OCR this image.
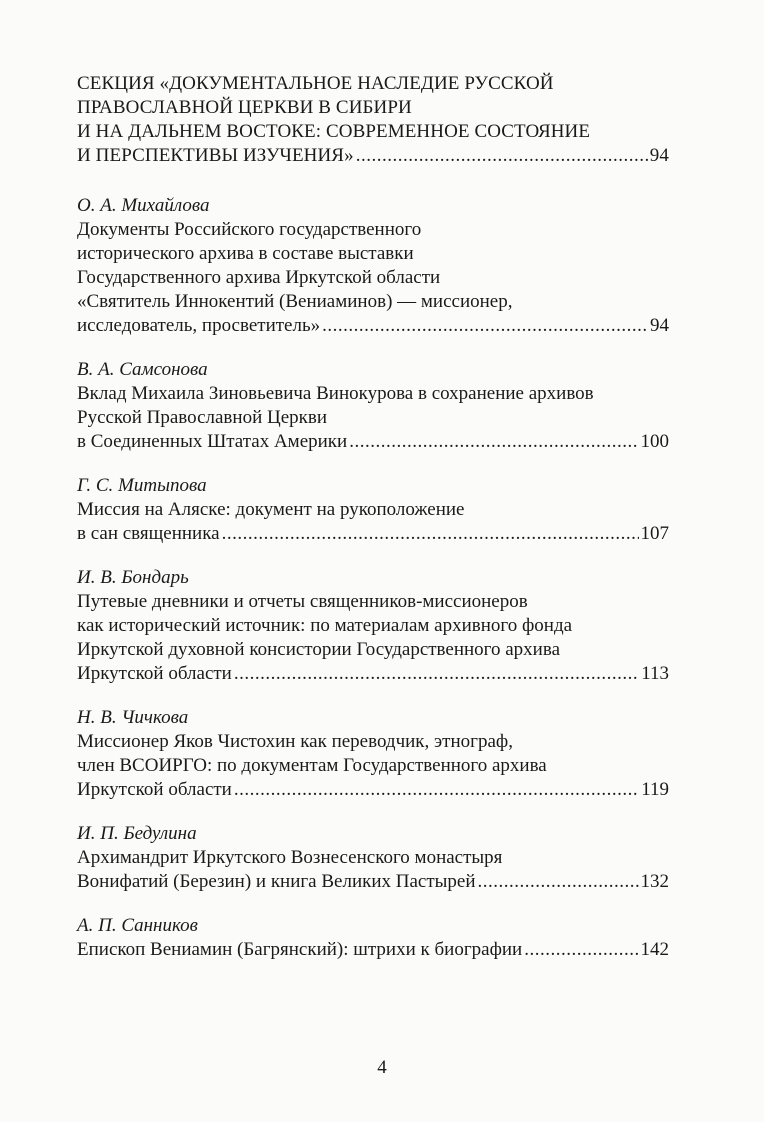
СЕКЦИЯ «ДОКУМЕНТАЛЬНОЕ НАСЛЕДИЕ РУССКОЙ
ПРАВОСЛАВНОЙ ЦЕРКВИ В СИБИРИ
И НА ДАЛЬНЕМ ВОСТОКЕ: СОВРЕМЕННОЕ СОСТОЯНИЕ
И ПЕРСПЕКТИВЫ ИЗУЧЕНИЯ» .....	94
О. А. Михайлова
Документы Российского государственного
исторического архива в составе выставки
Государственного архива Иркутской области
«Святитель Иннокентий (Вениаминов) — миссионер,
исследователь, просветитель» .....	94
В. А. Самсонова
Вклад Михаила Зиновьевича Винокурова в сохранение архивов
Русской Православной Церкви
в Соединенных Штатах Америки .....	100
Г. С. Митыпова
Миссия на Аляске: документ на рукоположение
в сан священника .....	107
И. В. Бондарь
Путевые дневники и отчеты священников-миссионеров
как исторический источник: по материалам архивного фонда
Иркутской духовной консистории Государственного архива
Иркутской области .....	113
Н. В. Чичкова
Миссионер Яков Чистохин как переводчик, этнограф,
член ВСОИРГО: по документам Государственного архива
Иркутской области .....	119
И. П. Бедулина
Архимандрит Иркутского Вознесенского монастыря
Вонифатий (Березин) и книга Великих Пастырей .....	132
А. П. Санников
Епископ Вениамин (Багрянский): штрихи к биографии .....	142
4
